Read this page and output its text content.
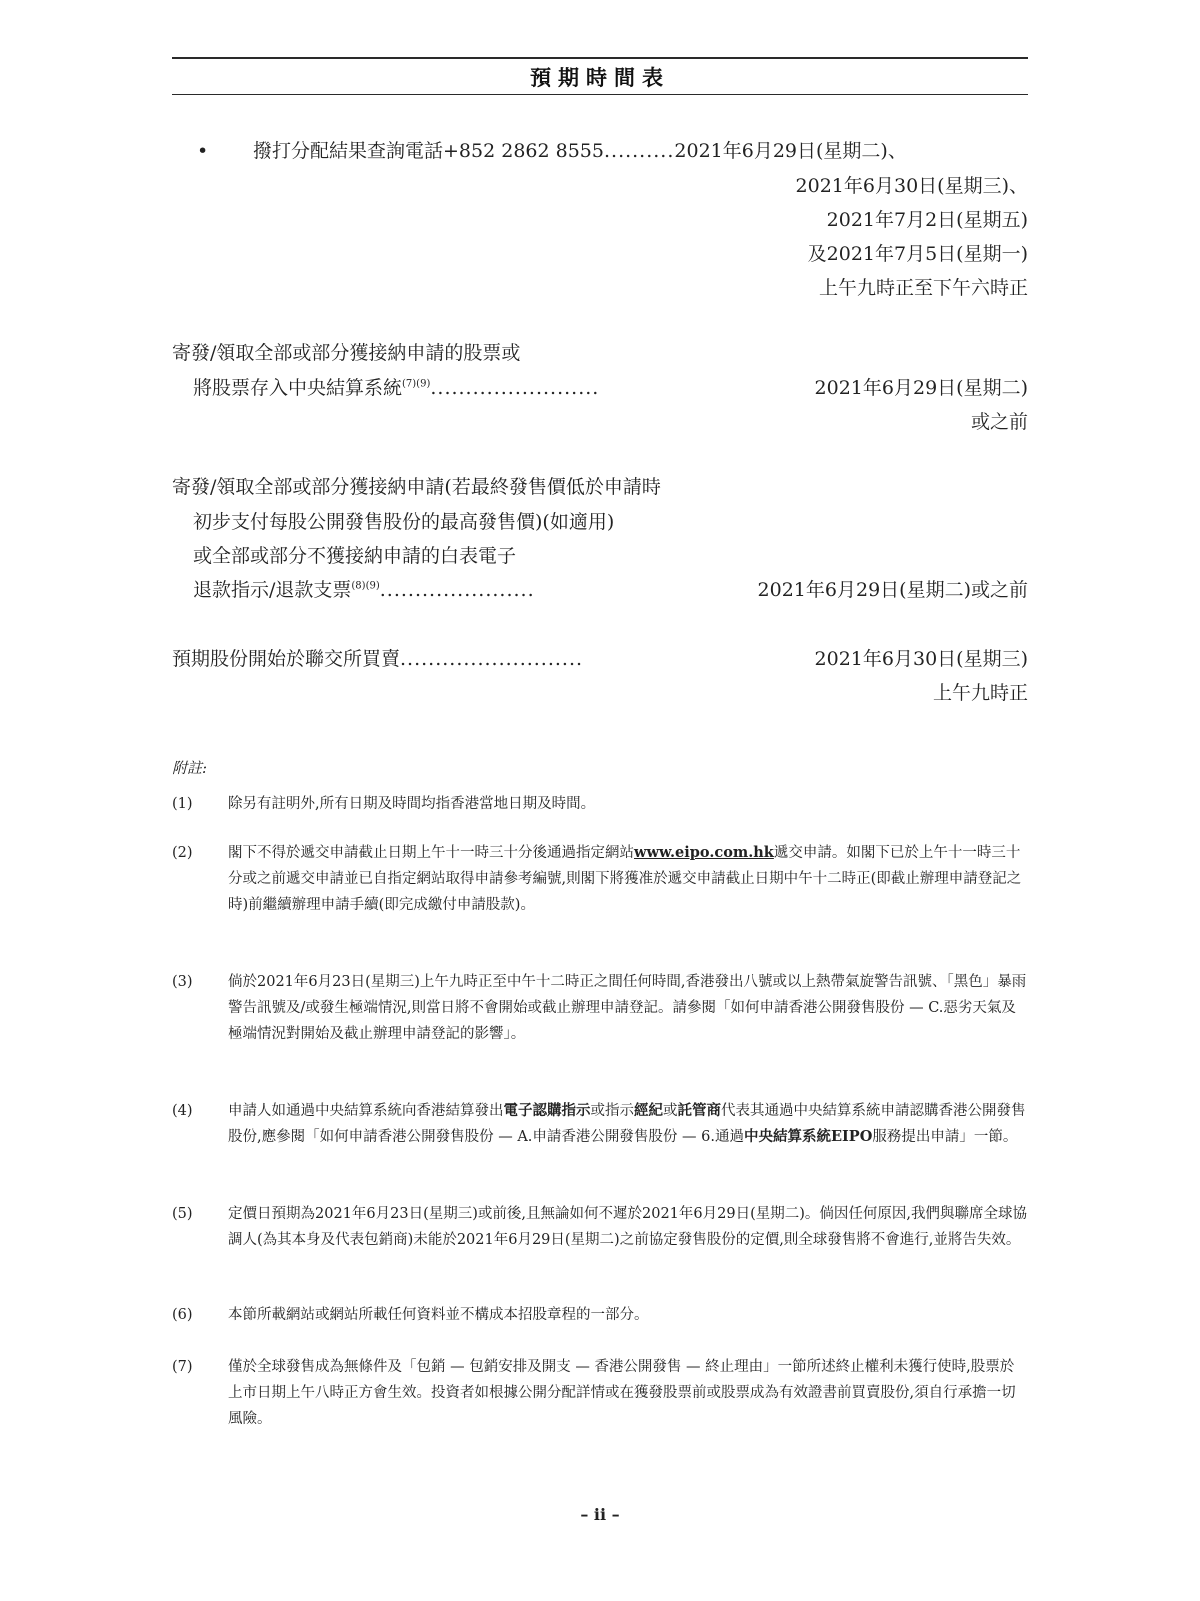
預期時間表
• 撥打分配結果查詢電話+852 2862 8555..........2021年6月29日(星期二)、
2021年6月30日(星期三)、
2021年7月2日(星期五)
及2021年7月5日(星期一)
上午九時正至下午六時正
寄發/領取全部或部分獲接納申請的股票或
將股票存入中央結算系統$^{(7)(9)}$........................	2021年6月29日(星期二)
或之前
寄發/領取全部或部分獲接納申請(若最終發售價低於申請時
初步支付每股公開發售股份的最高發售價)(如適用)
或全部或部分不獲接納申請的白表電子
退款指示/退款支票$^{(8)(9)}$......................	2021年6月29日(星期二)或之前
預期股份開始於聯交所買賣..........................	2021年6月30日(星期三)
上午九時正
附註:
(1) 除另有註明外,所有日期及時間均指香港當地日期及時間。
(2) 閣下不得於遞交申請截止日期上午十一時三十分後通過指定網站www.eipo.com.hk遞交申請。如閣下已於上午十一時三十分或之前遞交申請並已自指定網站取得申請參考編號,則閣下將獲准於遞交申請截止日期中午十二時正(即截止辦理申請登記之時)前繼續辦理申請手續(即完成繳付申請股款)。
(3) 倘於2021年6月23日(星期三)上午九時正至中午十二時正之間任何時間,香港發出八號或以上熱帶氣旋警告訊號、「黑色」暴雨警告訊號及/或發生極端情況,則當日將不會開始或截止辦理申請登記。請參閱「如何申請香港公開發售股份 — C.惡劣天氣及極端情況對開始及截止辦理申請登記的影響」。
(4) 申請人如通過中央結算系統向香港結算發出電子認購指示或指示經紀或託管商代表其通過中央結算系統申請認購香港公開發售股份,應參閱「如何申請香港公開發售股份 — A.申請香港公開發售股份 — 6.通過中央結算系統EIPO服務提出申請」一節。
(5) 定價日預期為2021年6月23日(星期三)或前後,且無論如何不遲於2021年6月29日(星期二)。倘因任何原因,我們與聯席全球協調人(為其本身及代表包銷商)未能於2021年6月29日(星期二)之前協定發售股份的定價,則全球發售將不會進行,並將告失效。
(6) 本節所載網站或網站所載任何資料並不構成本招股章程的一部分。
(7) 僅於全球發售成為無條件及「包銷 — 包銷安排及開支 — 香港公開發售 — 終止理由」一節所述終止權利未獲行使時,股票於上市日期上午八時正方會生效。投資者如根據公開分配詳情或在獲發股票前或股票成為有效證書前買賣股份,須自行承擔一切風險。
– ii –
